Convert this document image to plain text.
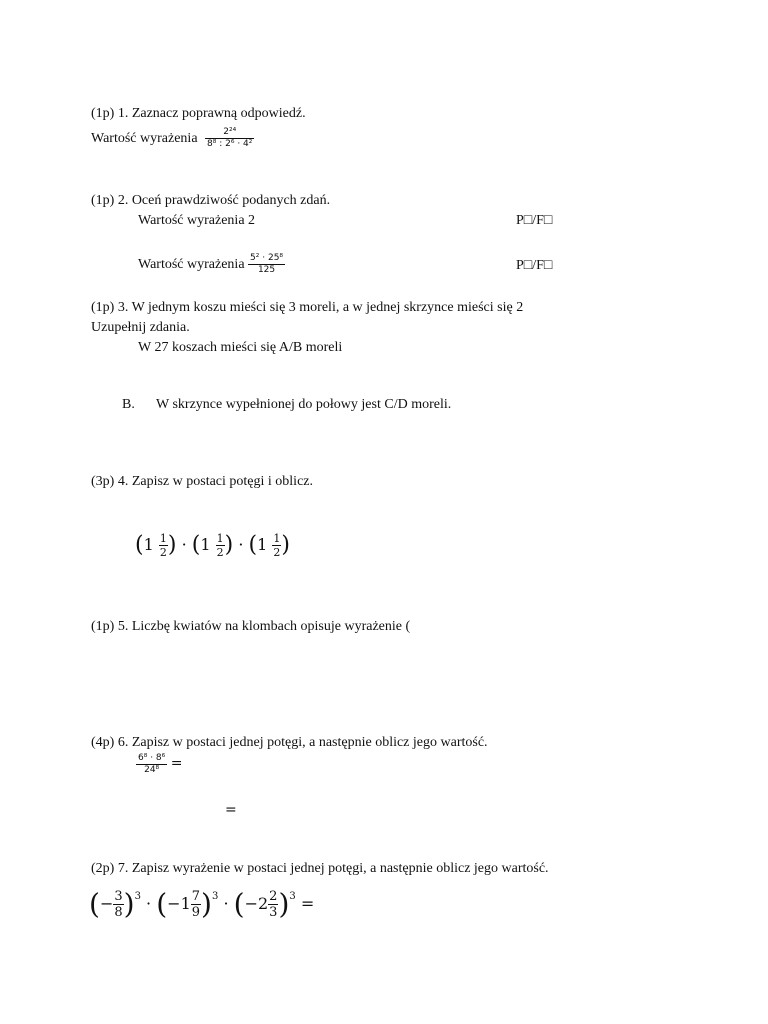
(1p) 1. Zaznacz poprawną odpowiedź.
Wartość wyrażenia $\frac{\text{2²⁴}}{\text{8⁸ : 2⁶ · 4²}}$
(1p) 2. Oceń prawdziwość podanych zdań.
Wartość wyrażenia 2	P□/F□
Wartość wyrażenia $\frac{\text{5² · 25⁸}}{125}$	P□/F□
(1p) 3. W jednym koszu mieści się 3 moreli, a w jednej skrzynce mieści się 2
Uzupełnij zdania.
W 27 koszach mieści się A/B moreli
B. W skrzynce wypełnionej do połowy jest C/D moreli.
(3p) 4. Zapisz w postaci potęgi i oblicz.
($1 \frac{1}{2}$ ) · ($1 \frac{1}{2}$ ) · ($1 \frac{1}{2}$ )
(1p) 5. Liczbę kwiatów na klombach opisuje wyrażenie (
(4p) 6. Zapisz w postaci jednej potęgi, a następnie oblicz jego wartość.
$\frac{\text{6⁸ · 8⁶}}{\text{24⁸}}$ =
=
(2p) 7. Zapisz wyrażenie w postaci jednej potęgi, a następnie oblicz jego wartość.
(− $\frac{3}{8} )^3 \cdot (-1 \frac{7}{9} )^3 \cdot (-2 \frac{2}{3} )^3$ =
